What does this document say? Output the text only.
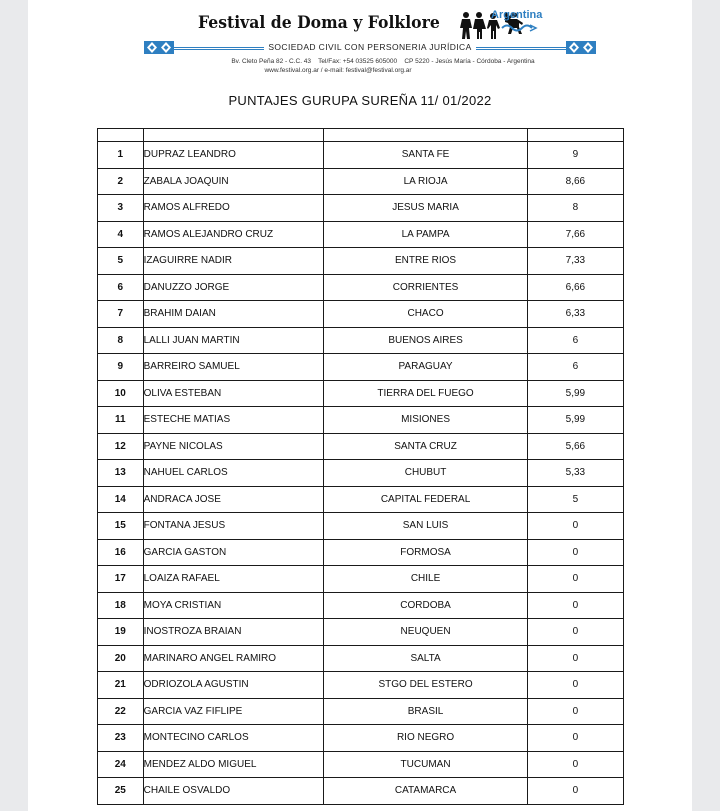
Festival de Doma y Folklore	Argentina
SOCIEDAD CIVIL CON PERSONERIA JURÍDICA
Bv. Cleto Peña 82 - C.C. 43 Tel/Fax: +54 03525 605000 CP 5220 - Jesús María - Córdoba - Argentina
www.festival.org.ar / e-mail: festival@festival.org.ar
PUNTAJES GURUPA SUREÑA 11/ 01/2022

1	DUPRAZ LEANDRO	SANTA FE	9
2	ZABALA JOAQUIN	LA RIOJA	8,66
3	RAMOS ALFREDO	JESUS MARIA	8
4	RAMOS ALEJANDRO CRUZ	LA PAMPA	7,66
5	IZAGUIRRE NADIR	ENTRE RIOS	7,33
6	DANUZZO JORGE	CORRIENTES	6,66
7	BRAHIM DAIAN	CHACO	6,33
8	LALLI JUAN MARTIN	BUENOS AIRES	6
9	BARREIRO SAMUEL	PARAGUAY	6
10	OLIVA ESTEBAN	TIERRA DEL FUEGO	5,99
11	ESTECHE MATIAS	MISIONES	5,99
12	PAYNE NICOLAS	SANTA CRUZ	5,66
13	NAHUEL CARLOS	CHUBUT	5,33
14	ANDRACA JOSE	CAPITAL FEDERAL	5
15	FONTANA JESUS	SAN LUIS	0
16	GARCIA GASTON	FORMOSA	0
17	LOAIZA RAFAEL	CHILE	0
18	MOYA CRISTIAN	CORDOBA	0
19	INOSTROZA BRAIAN	NEUQUEN	0
20	MARINARO ANGEL RAMIRO	SALTA	0
21	ODRIOZOLA AGUSTIN	STGO DEL ESTERO	0
22	GARCIA VAZ FIFLIPE	BRASIL	0
23	MONTECINO CARLOS	RIO NEGRO	0
24	MENDEZ ALDO MIGUEL	TUCUMAN	0
25	CHAILE OSVALDO	CATAMARCA	0
